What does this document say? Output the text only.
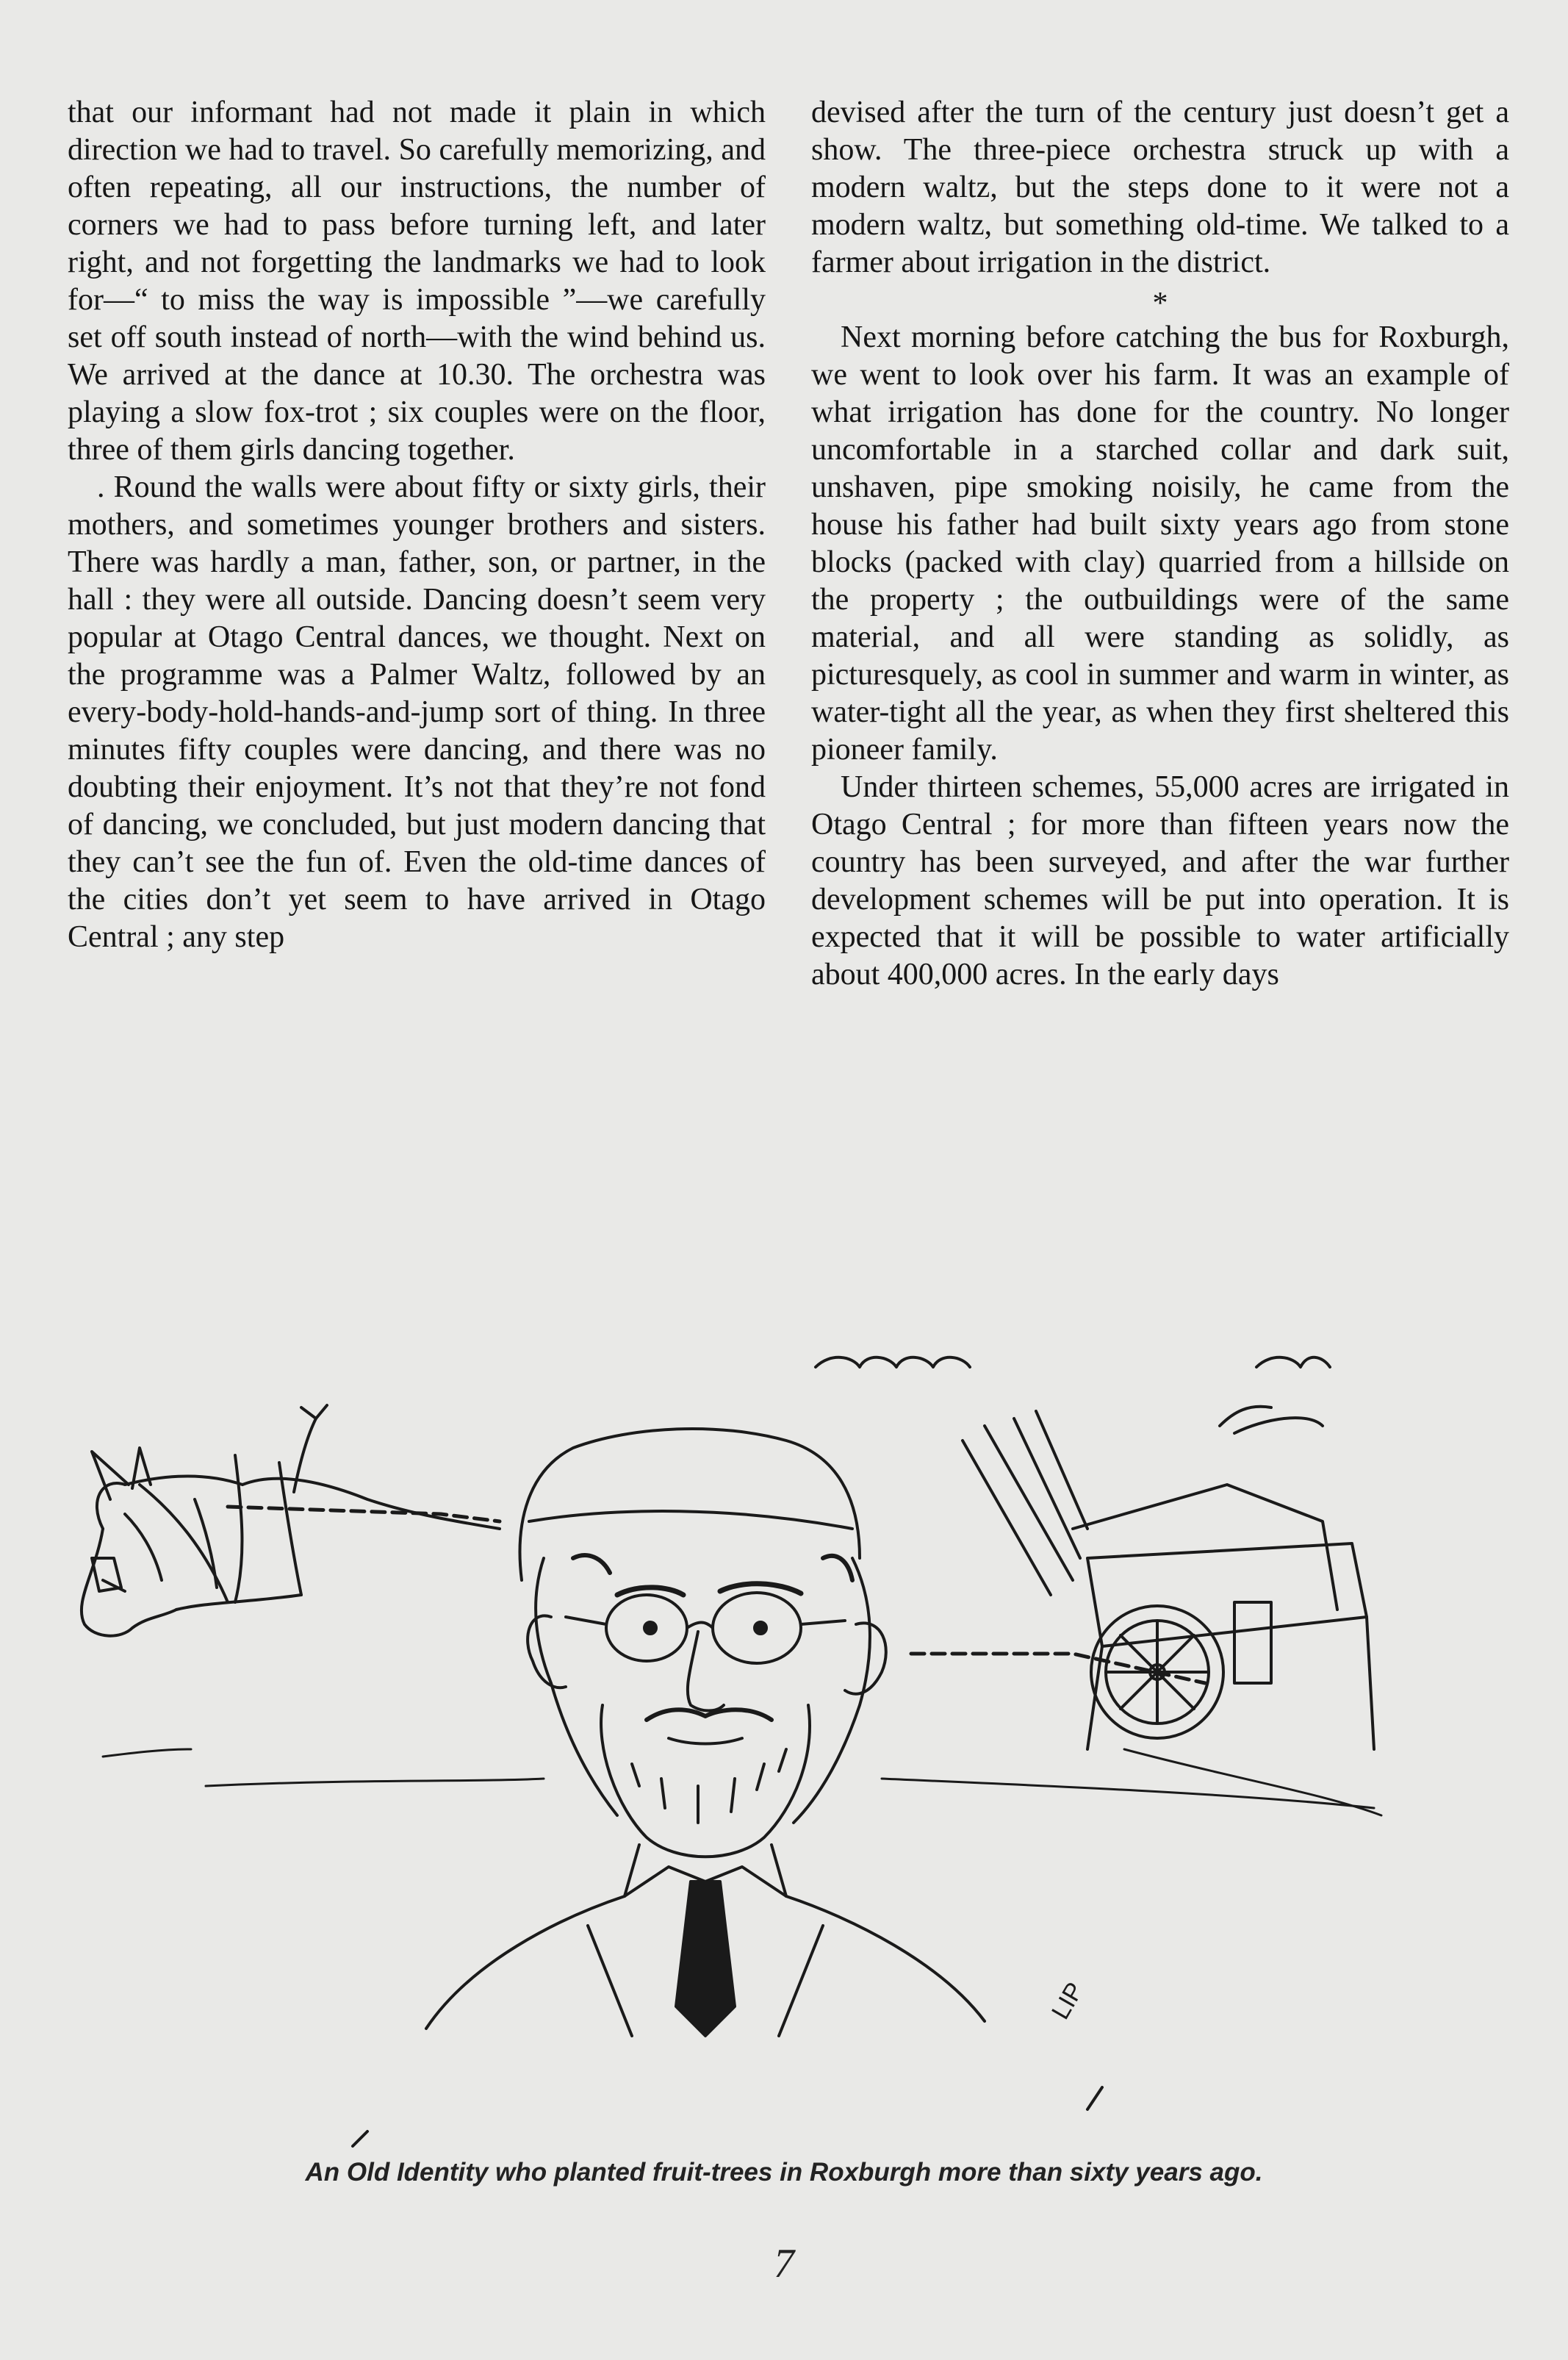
that our informant had not made it plain in which direction we had to travel. So carefully memorizing, and often repeating, all our instructions, the number of corners we had to pass before turning left, and later right, and not forgetting the landmarks we had to look for—“ to miss the way is impossible ”—we carefully set off south instead of north—with the wind behind us. We arrived at the dance at 10.30. The orchestra was playing a slow fox-trot ; six couples were on the floor, three of them girls dancing together.

. Round the walls were about fifty or sixty girls, their mothers, and sometimes younger brothers and sisters. There was hardly a man, father, son, or partner, in the hall : they were all outside. Dancing doesn’t seem very popular at Otago Central dances, we thought. Next on the programme was a Palmer Waltz, followed by an every-body-hold-hands-and-jump sort of thing. In three minutes fifty couples were dancing, and there was no doubting their enjoyment. It’s not that they’re not fond of dancing, we concluded, but just modern dancing that they can’t see the fun of. Even the old-time dances of the cities don’t yet seem to have arrived in Otago Central ; any step

devised after the turn of the century just doesn’t get a show. The three-piece orchestra struck up with a modern waltz, but the steps done to it were not a modern waltz, but something old-time. We talked to a farmer about irrigation in the district.

*

Next morning before catching the bus for Roxburgh, we went to look over his farm. It was an example of what irrigation has done for the country. No longer uncomfortable in a starched collar and dark suit, unshaven, pipe smoking noisily, he came from the house his father had built sixty years ago from stone blocks (packed with clay) quarried from a hillside on the property ; the outbuildings were of the same material, and all were standing as solidly, as picturesquely, as cool in summer and warm in winter, as water-tight all the year, as when they first sheltered this pioneer family.

Under thirteen schemes, 55,000 acres are irrigated in Otago Central ; for more than fifteen years now the country has been surveyed, and after the war further development schemes will be put into operation. It is expected that it will be possible to water artificially about 400,000 acres. In the early days

LIP
An Old Identity who planted fruit-trees in Roxburgh more than sixty years ago.
7
